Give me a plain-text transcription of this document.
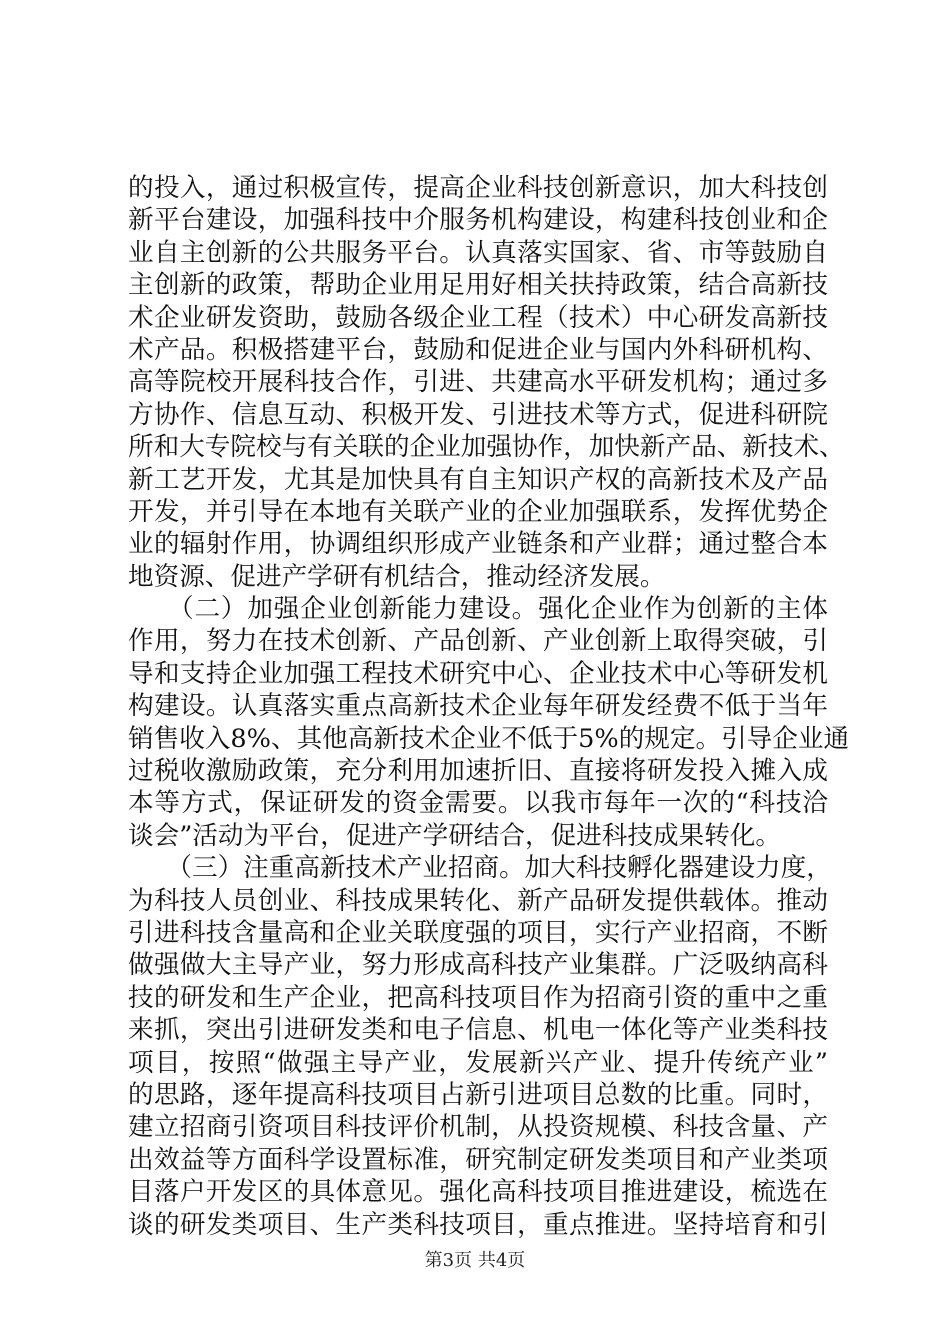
的投入，通过积极宣传，提高企业科技创新意识，加大科技创
新平台建设，加强科技中介服务机构建设，构建科技创业和企
业自主创新的公共服务平台。认真落实国家、省、市等鼓励自
主创新的政策，帮助企业用足用好相关扶持政策，结合高新技
术企业研发资助，鼓励各级企业工程（技术）中心研发高新技
术产品。积极搭建平台，鼓励和促进企业与国内外科研机构、
高等院校开展科技合作，引进、共建高水平研发机构；通过多
方协作、信息互动、积极开发、引进技术等方式，促进科研院
所和大专院校与有关联的企业加强协作，加快新产品、新技术、
新工艺开发，尤其是加快具有自主知识产权的高新技术及产品
开发，并引导在本地有关联产业的企业加强联系，发挥优势企
业的辐射作用，协调组织形成产业链条和产业群；通过整合本
地资源、促进产学研有机结合，推动经济发展。
　　（二）加强企业创新能力建设。强化企业作为创新的主体
作用，努力在技术创新、产品创新、产业创新上取得突破，引
导和支持企业加强工程技术研究中心、企业技术中心等研发机
构建设。认真落实重点高新技术企业每年研发经费不低于当年
销售收入8%、其他高新技术企业不低于5%的规定。引导企业通
过税收激励政策，充分利用加速折旧、直接将研发投入摊入成
本等方式，保证研发的资金需要。以我市每年一次的“科技洽
谈会”活动为平台，促进产学研结合，促进科技成果转化。
　　（三）注重高新技术产业招商。加大科技孵化器建设力度，
为科技人员创业、科技成果转化、新产品研发提供载体。推动
引进科技含量高和企业关联度强的项目，实行产业招商，不断
做强做大主导产业，努力形成高科技产业集群。广泛吸纳高科
技的研发和生产企业，把高科技项目作为招商引资的重中之重
来抓，突出引进研发类和电子信息、机电一体化等产业类科技
项目，按照“做强主导产业，发展新兴产业、提升传统产业”
的思路，逐年提高科技项目占新引进项目总数的比重。同时，
建立招商引资项目科技评价机制，从投资规模、科技含量、产
出效益等方面科学设置标准，研究制定研发类项目和产业类项
目落户开发区的具体意见。强化高科技项目推进建设，梳选在
谈的研发类项目、生产类科技项目，重点推进。坚持培育和引
第3页 共4页
